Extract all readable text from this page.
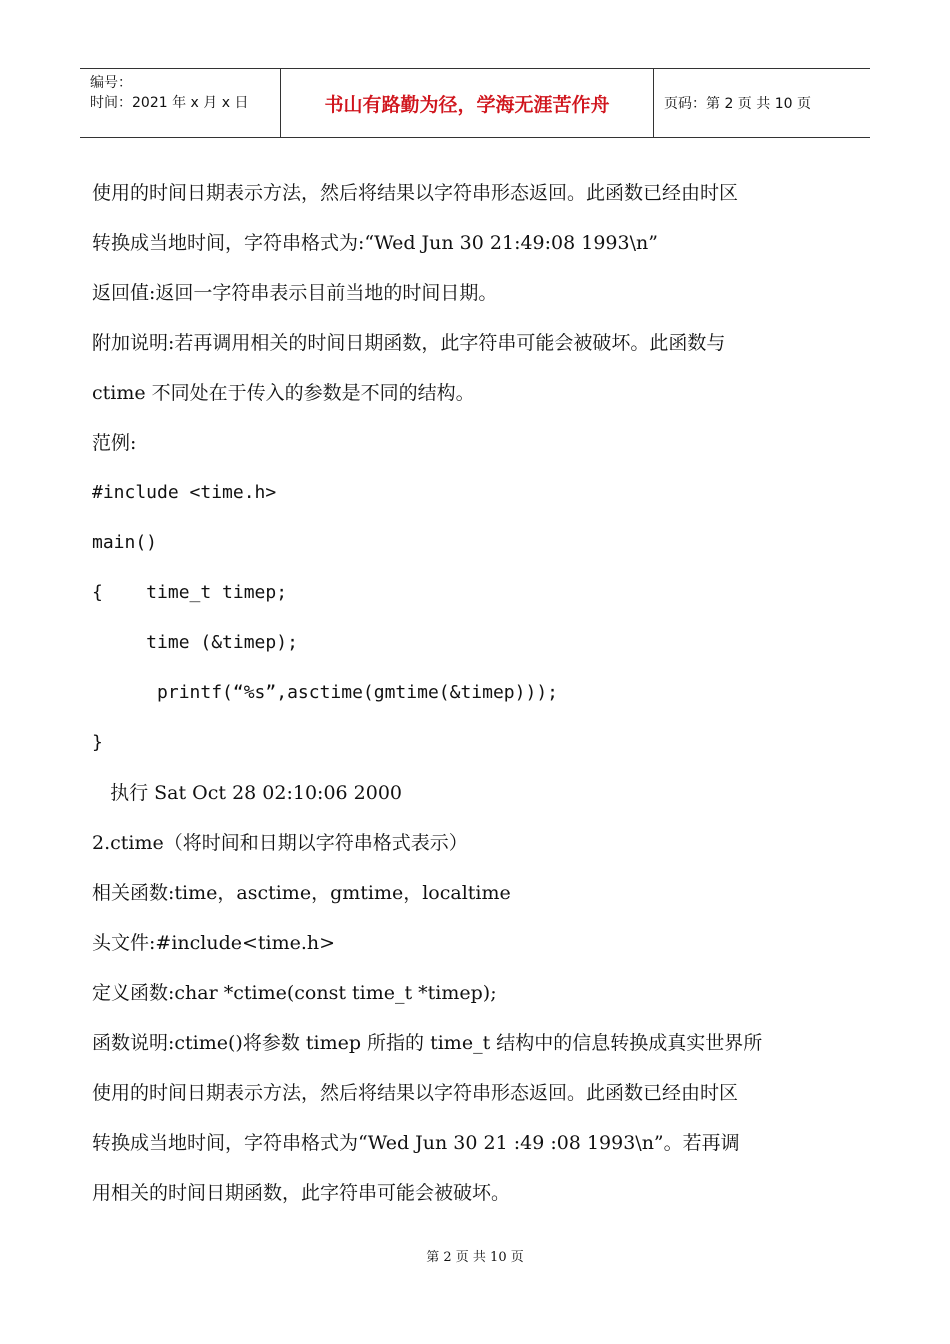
编号：
时间：2021 年 x 月 x 日	书山有路勤为径，学海无涯苦作舟	页码：第 2 页 共 10 页
使用的时间日期表示方法，然后将结果以字符串形态返回。此函数已经由时区
转换成当地时间，字符串格式为:“Wed Jun 30 21:49:08 1993\n”
返回值:返回一字符串表示目前当地的时间日期。
附加说明:若再调用相关的时间日期函数，此字符串可能会被破坏。此函数与
ctime 不同处在于传入的参数是不同的结构。
范例:
#include <time.h>
main()
{    time_t timep;
time (&timep);
printf(“%s”,asctime(gmtime(&timep)));
}
执行 Sat Oct 28 02:10:06 2000
2.ctime（将时间和日期以字符串格式表示）
相关函数:time，asctime，gmtime，localtime
头文件:#include<time.h>
定义函数:char *ctime(const time_t *timep);
函数说明:ctime()将参数 timep 所指的 time_t 结构中的信息转换成真实世界所
使用的时间日期表示方法，然后将结果以字符串形态返回。此函数已经由时区
转换成当地时间，字符串格式为“Wed Jun 30 21 :49 :08 1993\n”。若再调
用相关的时间日期函数，此字符串可能会被破坏。
第 2 页 共 10 页
